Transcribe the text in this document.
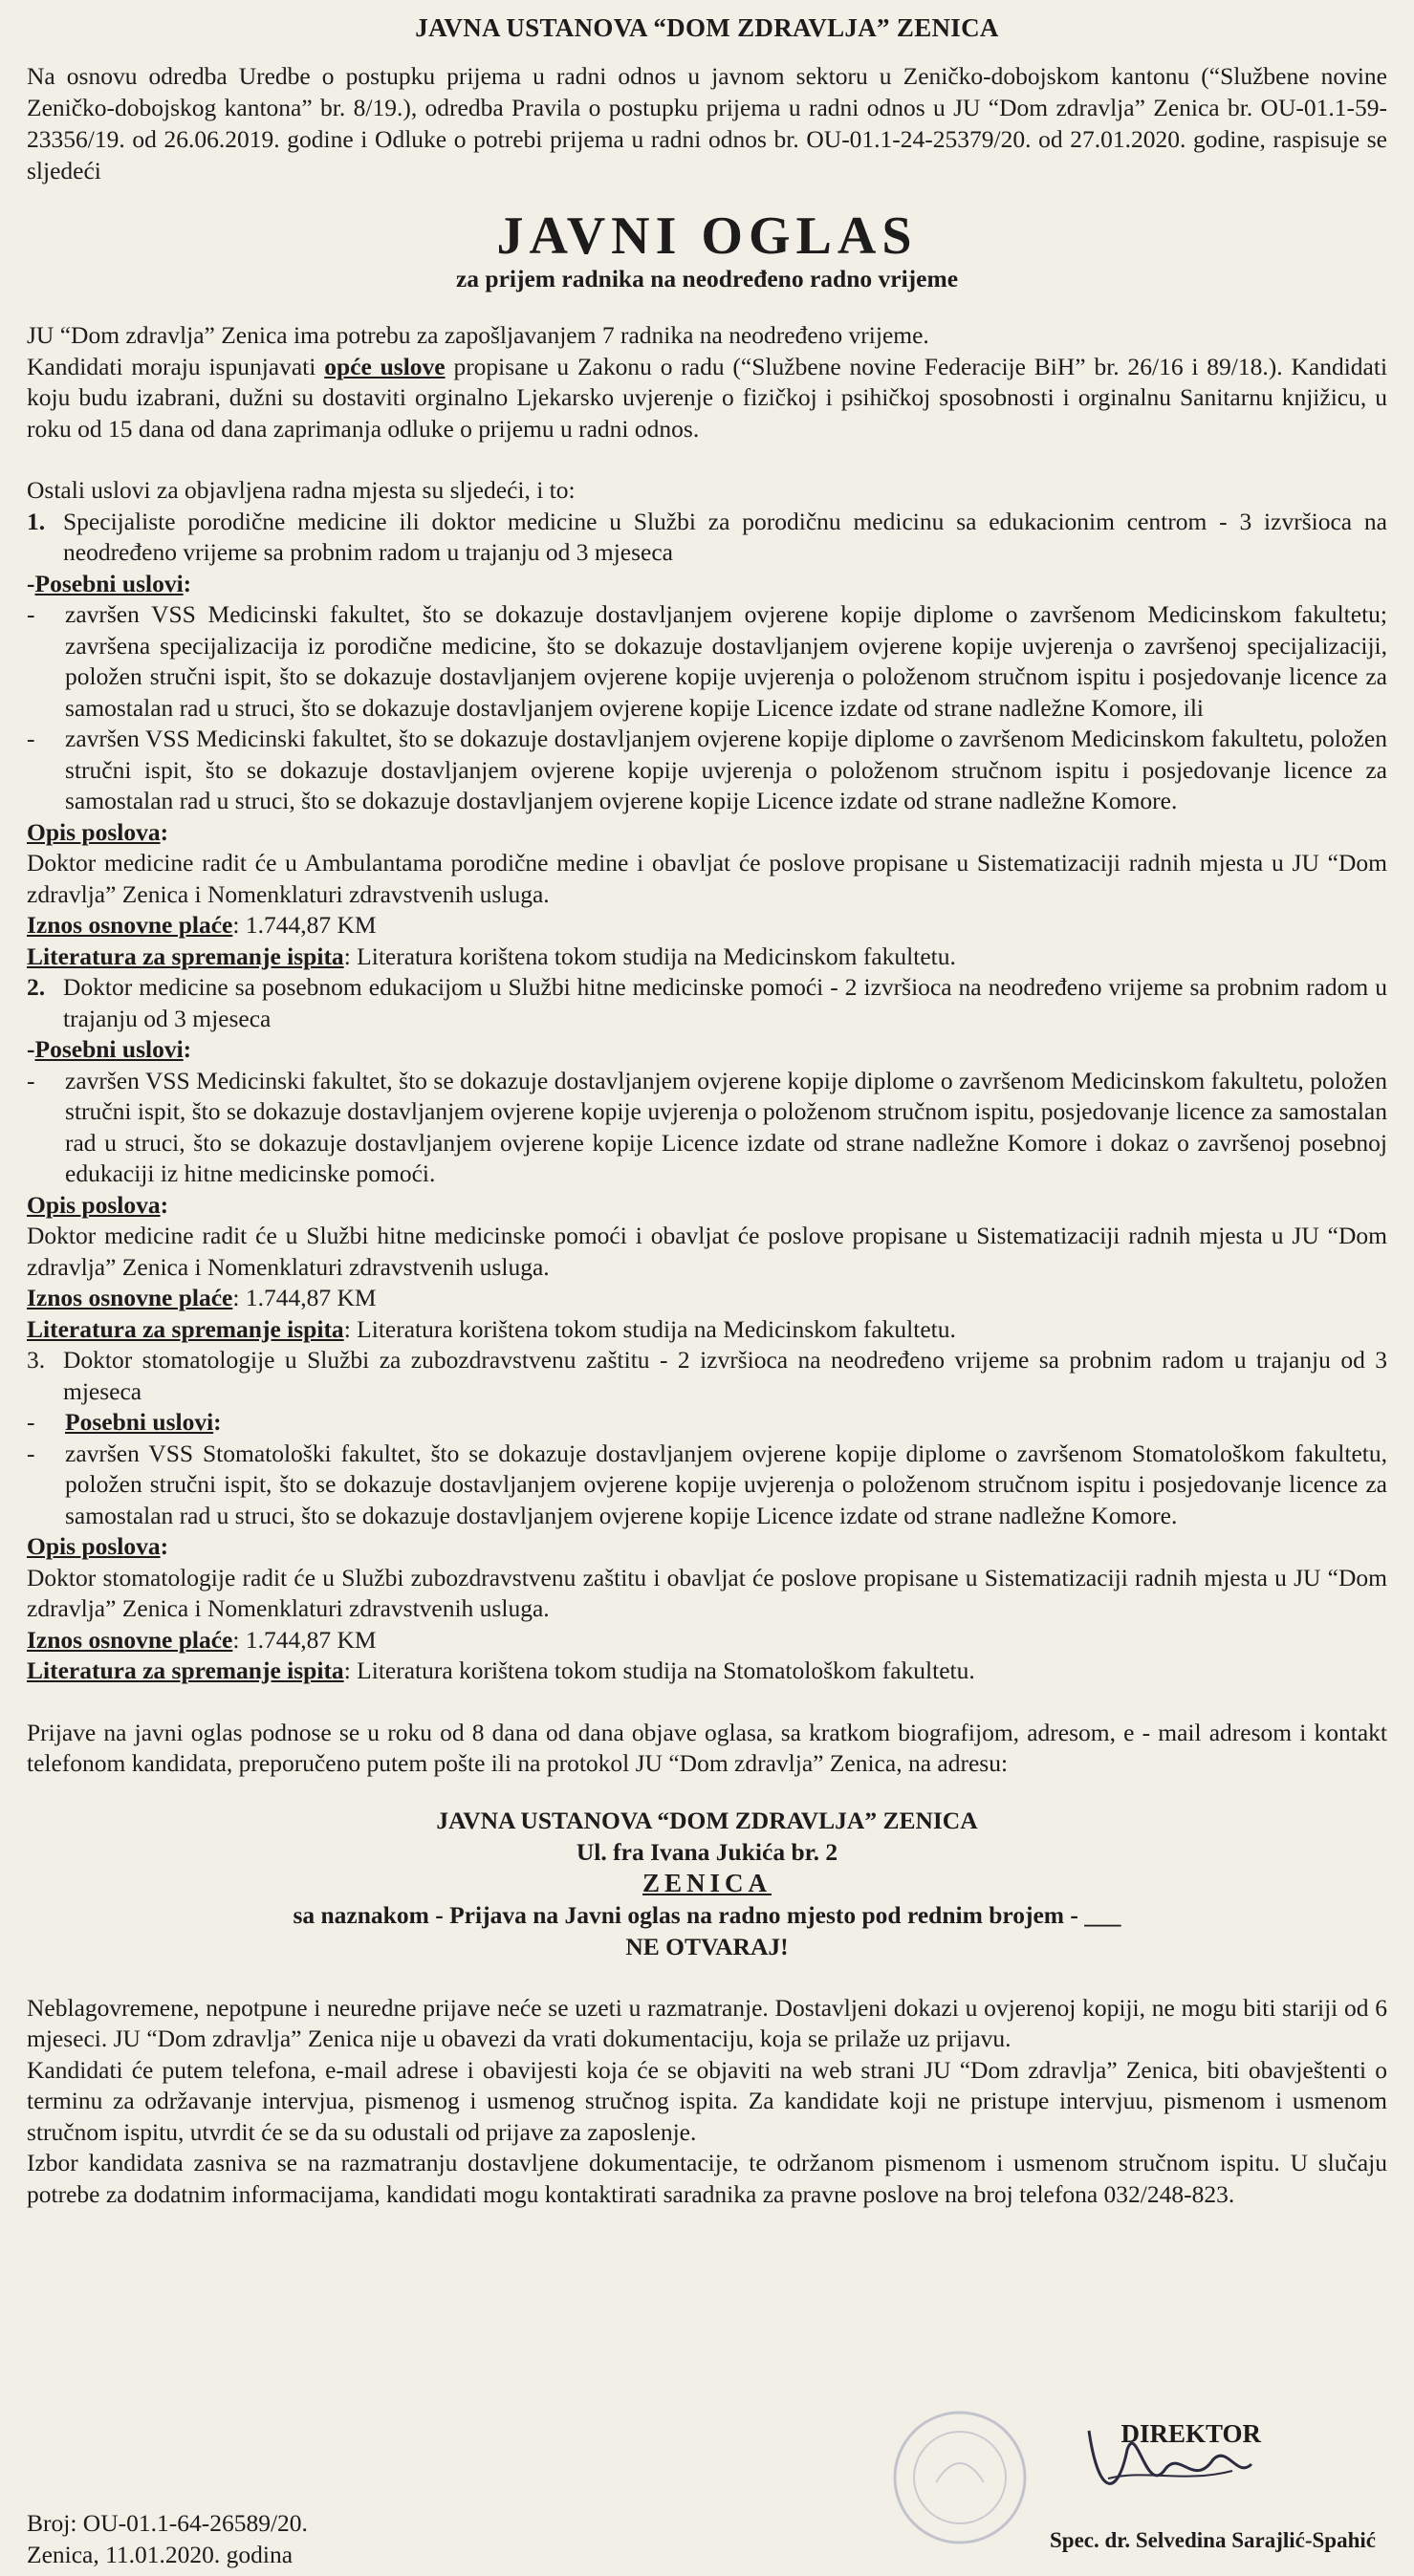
JAVNA USTANOVA “DOM ZDRAVLJA” ZENICA

Na osnovu odredba Uredbe o postupku prijema u radni odnos u javnom sektoru u Zeničko-dobojskom kantonu (“Službene novine Zeničko-dobojskog kantona” br. 8/19.), odredba Pravila o postupku prijema u radni odnos u JU “Dom zdravlja” Zenica br. OU-01.1-59-23356/19. od 26.06.2019. godine i Odluke o potrebi prijema u radni odnos br. OU-01.1-24-25379/20. od 27.01.2020. godine, raspisuje se sljedeći

JAVNI OGLAS
za prijem radnika na neodređeno radno vrijeme

JU “Dom zdravlja” Zenica ima potrebu za zapošljavanjem 7 radnika na neodređeno vrijeme.

Kandidati moraju ispunjavati opće uslove propisane u Zakonu o radu (“Službene novine Federacije BiH” br. 26/16 i 89/18.). Kandidati koju budu izabrani, dužni su dostaviti orginalno Ljekarsko uvjerenje o fizičkoj i psihičkoj sposobnosti i orginalnu Sanitarnu knjižicu, u roku od 15 dana od dana zaprimanja odluke o prijemu u radni odnos.

Ostali uslovi za objavljena radna mjesta su sljedeći, i to:

1. Specijaliste porodične medicine ili doktor medicine u Službi za porodičnu medicinu sa edukacionim centrom - 3 izvršioca na neodređeno vrijeme sa probnim radom u trajanju od 3 mjeseca
-Posebni uslovi:
-	završen VSS Medicinski fakultet, što se dokazuje dostavljanjem ovjerene kopije diplome o završenom Medicinskom fakultetu; završena specijalizacija iz porodične medicine, što se dokazuje dostavljanjem ovjerene kopije uvjerenja o završenoj specijalizaciji, položen stručni ispit, što se dokazuje dostavljanjem ovjerene kopije uvjerenja o položenom stručnom ispitu i posjedovanje licence za samostalan rad u struci, što se dokazuje dostavljanjem ovjerene kopije Licence izdate od strane nadležne Komore, ili
-	završen VSS Medicinski fakultet, što se dokazuje dostavljanjem ovjerene kopije diplome o završenom Medicinskom fakultetu, položen stručni ispit, što se dokazuje dostavljanjem ovjerene kopije uvjerenja o položenom stručnom ispitu i posjedovanje licence za samostalan rad u struci, što se dokazuje dostavljanjem ovjerene kopije Licence izdate od strane nadležne Komore.
Opis poslova:

Doktor medicine radit će u Ambulantama porodične medine i obavljat će poslove propisane u Sistematizaciji radnih mjesta u JU “Dom zdravlja” Zenica i Nomenklaturi zdravstvenih usluga.

Iznos osnovne plaće: 1.744,87 KM

Literatura za spremanje ispita: Literatura korištena tokom studija na Medicinskom fakultetu.

2. Doktor medicine sa posebnom edukacijom u Službi hitne medicinske pomoći - 2 izvršioca na neodređeno vrijeme sa probnim radom u trajanju od 3 mjeseca
-Posebni uslovi:
-	završen VSS Medicinski fakultet, što se dokazuje dostavljanjem ovjerene kopije diplome o završenom Medicinskom fakultetu, položen stručni ispit, što se dokazuje dostavljanjem ovjerene kopije uvjerenja o položenom stručnom ispitu, posjedovanje licence za samostalan rad u struci, što se dokazuje dostavljanjem ovjerene kopije Licence izdate od strane nadležne Komore i dokaz o završenoj posebnoj edukaciji iz hitne medicinske pomoći.
Opis poslova:

Doktor medicine radit će u Službi hitne medicinske pomoći i obavljat će poslove propisane u Sistematizaciji radnih mjesta u JU “Dom zdravlja” Zenica i Nomenklaturi zdravstvenih usluga.

Iznos osnovne plaće: 1.744,87 KM

Literatura za spremanje ispita: Literatura korištena tokom studija na Medicinskom fakultetu.

3. Doktor stomatologije u Službi za zubozdravstvenu zaštitu - 2 izvršioca na neodređeno vrijeme sa probnim radom u trajanju od 3 mjeseca
-	Posebni uslovi:
-	završen VSS Stomatološki fakultet, što se dokazuje dostavljanjem ovjerene kopije diplome o završenom Stomatološkom fakultetu, položen stručni ispit, što se dokazuje dostavljanjem ovjerene kopije uvjerenja o položenom stručnom ispitu i posjedovanje licence za samostalan rad u struci, što se dokazuje dostavljanjem ovjerene kopije Licence izdate od strane nadležne Komore.
Opis poslova:

Doktor stomatologije radit će u Službi zubozdravstvenu zaštitu i obavljat će poslove propisane u Sistematizaciji radnih mjesta u JU “Dom zdravlja” Zenica i Nomenklaturi zdravstvenih usluga.

Iznos osnovne plaće: 1.744,87 KM

Literatura za spremanje ispita: Literatura korištena tokom studija na Stomatološkom fakultetu.

Prijave na javni oglas podnose se u roku od 8 dana od dana objave oglasa, sa kratkom biografijom, adresom, e - mail adresom i kontakt telefonom kandidata, preporučeno putem pošte ili na protokol JU “Dom zdravlja” Zenica, na adresu:

JAVNA USTANOVA “DOM ZDRAVLJA” ZENICA
Ul. fra Ivana Jukića br. 2
ZENICA
sa naznakom - Prijava na Javni oglas na radno mjesto pod rednim brojem - ___
NE OTVARAJ!

Neblagovremene, nepotpune i neuredne prijave neće se uzeti u razmatranje. Dostavljeni dokazi u ovjerenoj kopiji, ne mogu biti stariji od 6 mjeseci. JU “Dom zdravlja” Zenica nije u obavezi da vrati dokumentaciju, koja se prilaže uz prijavu.

Kandidati će putem telefona, e-mail adrese i obavijesti koja će se objaviti na web strani JU “Dom zdravlja” Zenica, biti obavještenti o terminu za održavanje intervjua, pismenog i usmenog stručnog ispita. Za kandidate koji ne pristupe intervjuu, pismenom i usmenom stručnom ispitu, utvrdit će se da su odustali od prijave za zaposlenje.

Izbor kandidata zasniva se na razmatranju dostavljene dokumentacije, te održanom pismenom i usmenom stručnom ispitu. U slučaju potrebe za dodatnim informacijama, kandidati mogu kontaktirati saradnika za pravne poslove na broj telefona 032/248-823.

Broj: OU-01.1-64-26589/20.
Zenica, 11.01.2020. godina
DIREKTOR
Spec. dr. Selvedina Sarajlić-Spahić
